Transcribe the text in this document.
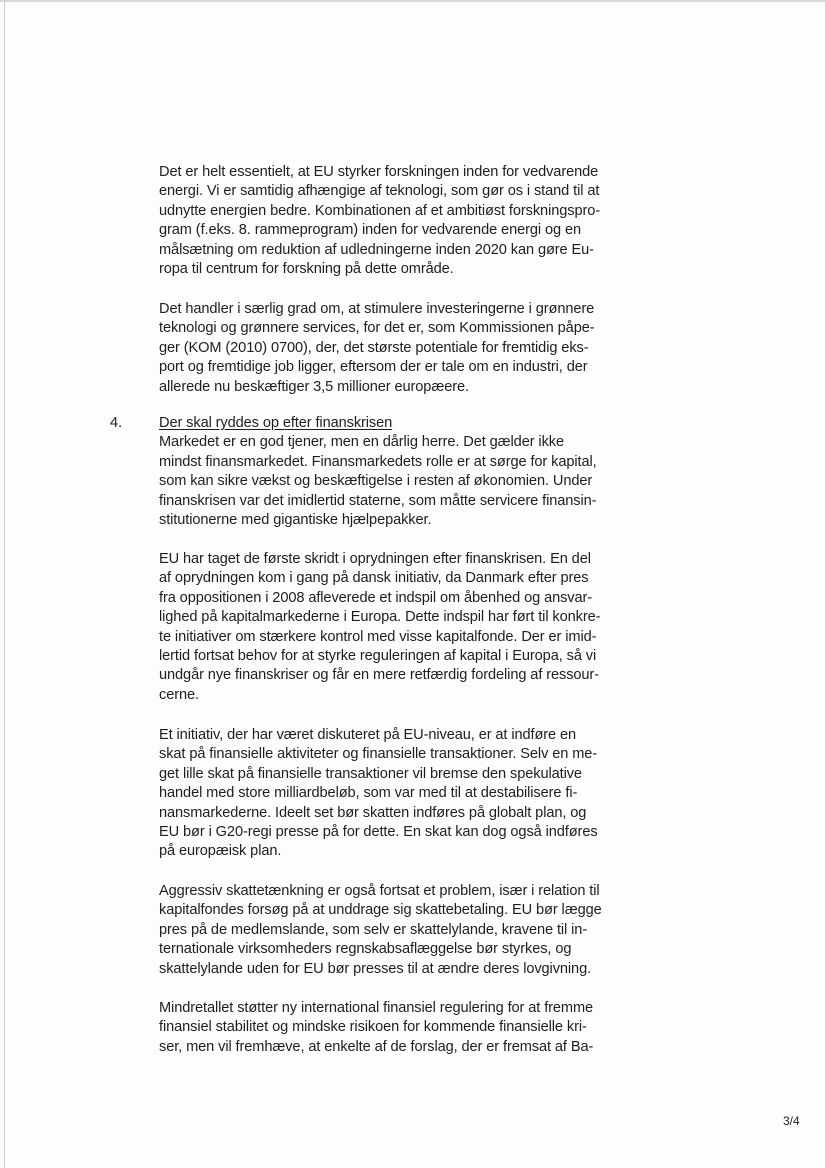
Det er helt essentielt, at EU styrker forskningen inden for vedvarende
energi. Vi er samtidig afhængige af teknologi, som gør os i stand til at
udnytte energien bedre. Kombinationen af et ambitiøst forskningspro-
gram (f.eks. 8. rammeprogram) inden for vedvarende energi og en
målsætning om reduktion af udledningerne inden 2020 kan gøre Eu-
ropa til centrum for forskning på dette område.

Det handler i særlig grad om, at stimulere investeringerne i grønnere
teknologi og grønnere services, for det er, som Kommissionen påpe-
ger (KOM (2010) 0700), der, det største potentiale for fremtidig eks-
port og fremtidige job ligger, eftersom der er tale om en industri, der
allerede nu beskæftiger 3,5 millioner europæere.

4.	Der skal ryddes op efter finanskrisen
Markedet er en god tjener, men en dårlig herre. Det gælder ikke
mindst finansmarkedet. Finansmarkedets rolle er at sørge for kapital,
som kan sikre vækst og beskæftigelse i resten af økonomien. Under
finanskrisen var det imidlertid staterne, som måtte servicere finansin-
stitutionerne med gigantiske hjælpepakker.

EU har taget de første skridt i oprydningen efter finanskrisen. En del
af oprydningen kom i gang på dansk initiativ, da Danmark efter pres
fra oppositionen i 2008 afleverede et indspil om åbenhed og ansvar-
lighed på kapitalmarkederne i Europa. Dette indspil har ført til konkre-
te initiativer om stærkere kontrol med visse kapitalfonde. Der er imid-
lertid fortsat behov for at styrke reguleringen af kapital i Europa, så vi
undgår nye finanskriser og får en mere retfærdig fordeling af ressour-
cerne.

Et initiativ, der har været diskuteret på EU-niveau, er at indføre en
skat på finansielle aktiviteter og finansielle transaktioner. Selv en me-
get lille skat på finansielle transaktioner vil bremse den spekulative
handel med store milliardbeløb, som var med til at destabilisere fi-
nansmarkederne. Ideelt set bør skatten indføres på globalt plan, og
EU bør i G20-regi presse på for dette. En skat kan dog også indføres
på europæisk plan.

Aggressiv skattetænkning er også fortsat et problem, især i relation til
kapitalfondes forsøg på at unddrage sig skattebetaling. EU bør lægge
pres på de medlemslande, som selv er skattelylande, kravene til in-
ternationale virksomheders regnskabsaflæggelse bør styrkes, og
skattelylande uden for EU bør presses til at ændre deres lovgivning.

Mindretallet støtter ny international finansiel regulering for at fremme
finansiel stabilitet og mindske risikoen for kommende finansielle kri-
ser, men vil fremhæve, at enkelte af de forslag, der er fremsat af Ba-

3/4
